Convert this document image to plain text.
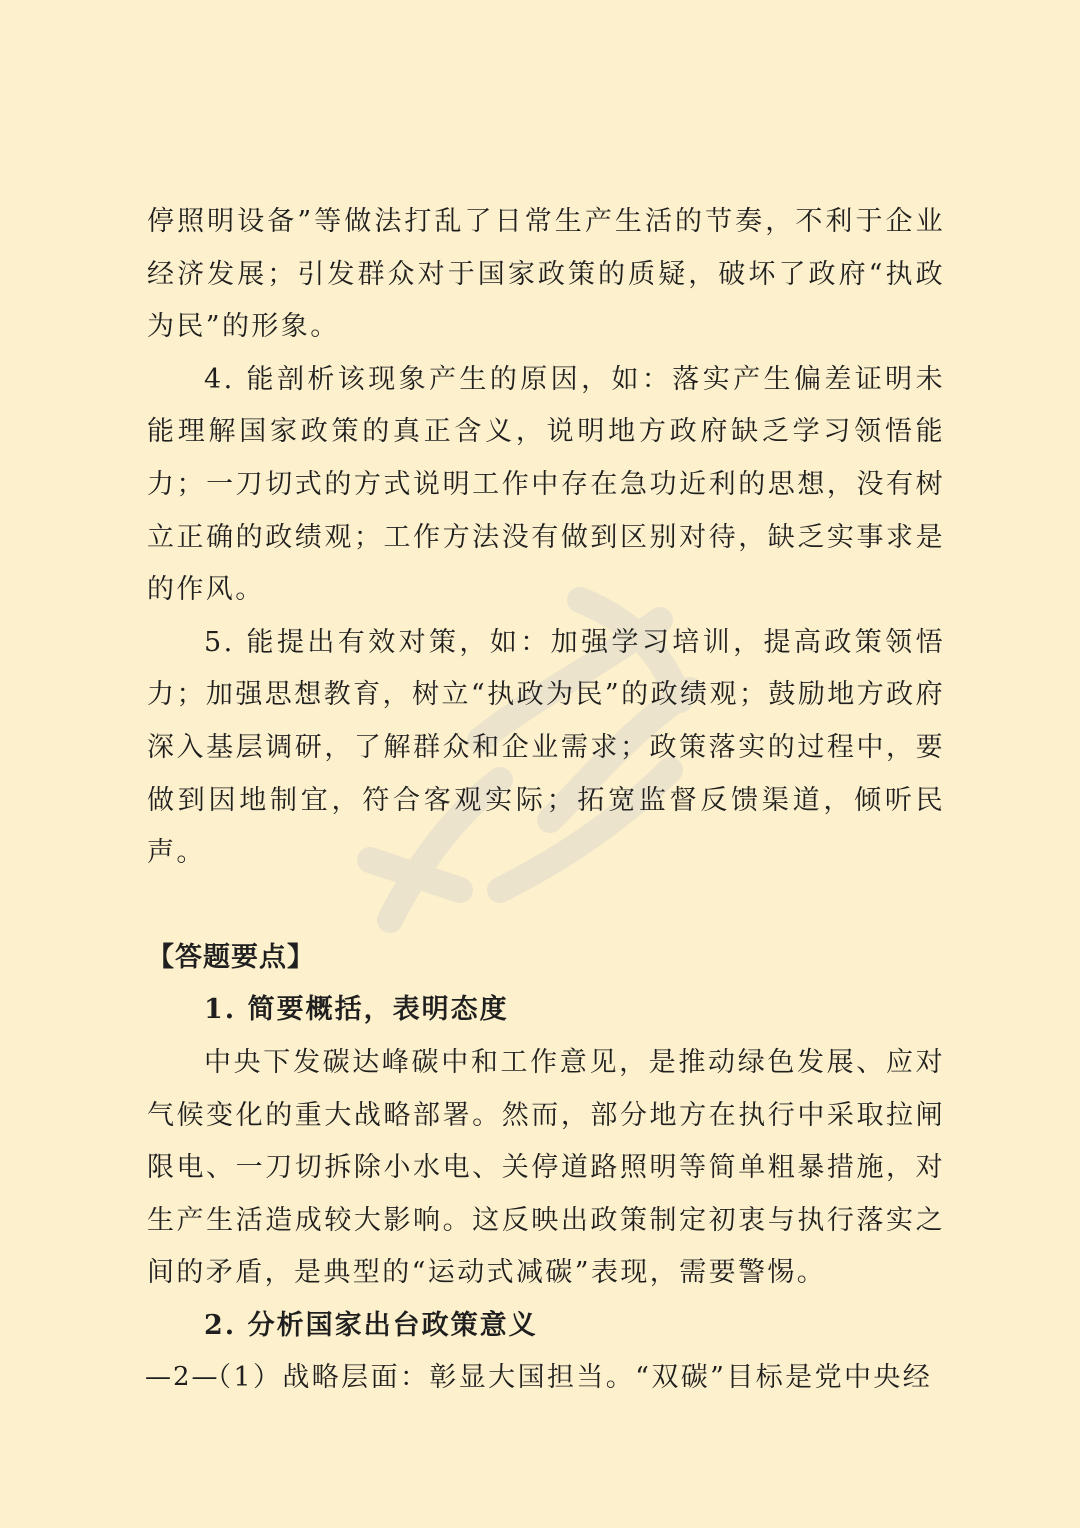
停照明设备”等做法打乱了日常生产生活的节奏，不利于企业经济发展；引发群众对于国家政策的质疑，破坏了政府“执政为民”的形象。

4. 能剖析该现象产生的原因，如：落实产生偏差证明未能理解国家政策的真正含义，说明地方政府缺乏学习领悟能力；一刀切式的方式说明工作中存在急功近利的思想，没有树立正确的政绩观；工作方法没有做到区别对待，缺乏实事求是的作风。

5. 能提出有效对策，如：加强学习培训，提高政策领悟力；加强思想教育，树立“执政为民”的政绩观；鼓励地方政府深入基层调研，了解群众和企业需求；政策落实的过程中，要做到因地制宜，符合客观实际；拓宽监督反馈渠道，倾听民声。

【答题要点】

1. 简要概括，表明态度

中央下发碳达峰碳中和工作意见，是推动绿色发展、应对气候变化的重大战略部署。然而，部分地方在执行中采取拉闸限电、一刀切拆除小水电、关停道路照明等简单粗暴措施，对生产生活造成较大影响。这反映出政策制定初衷与执行落实之间的矛盾，是典型的“运动式减碳”表现，需要警惕。

2. 分析国家出台政策意义

（1）战略层面：彰显大国担当。“双碳”目标是党中央经

—2—
